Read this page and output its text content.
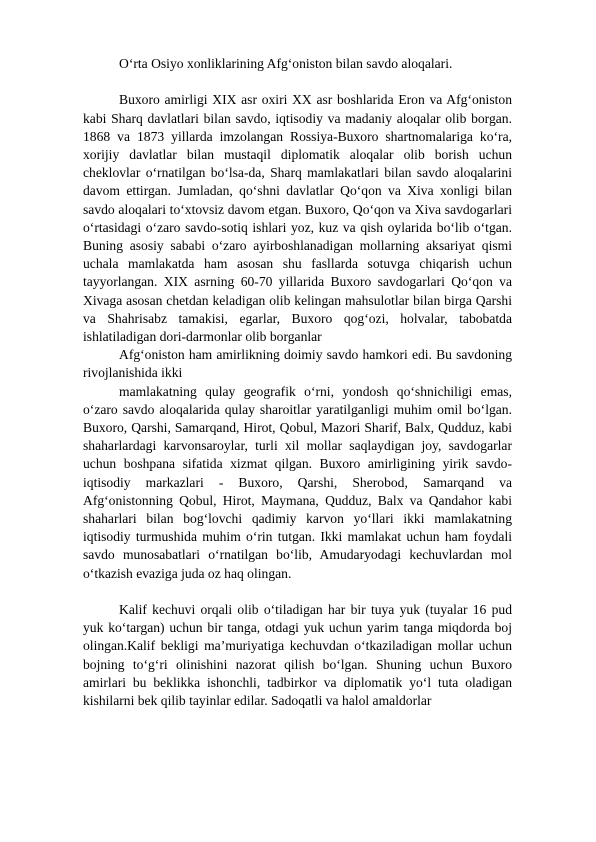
O‘rta Osiyo xonliklarining Afg‘oniston bilan savdo aloqalari.

Buxoro amirligi XIX asr oxiri XX asr boshlarida Eron va Afg‘oniston kabi Sharq davlatlari bilan savdo, iqtisodiy va madaniy aloqalar olib borgan. 1868 va 1873 yillarda imzolangan Rossiya-Buxoro shartnomalariga ko‘ra, xorijiy davlatlar bilan mustaqil diplomatik aloqalar olib borish uchun cheklovlar o‘rnatilgan bo‘lsa-da, Sharq mamlakatlari bilan savdo aloqalarini davom ettirgan. Jumladan, qo‘shni davlatlar Qo‘qon va Xiva xonligi bilan savdo aloqalari to‘xtovsiz davom etgan. Buxoro, Qo‘qon va Xiva savdogarlari o‘rtasidagi o‘zaro savdo-sotiq ishlari yoz, kuz va qish oylarida bo‘lib o‘tgan. Buning asosiy sababi o‘zaro ayirboshlanadigan mollarning aksariyat qismi uchala mamlakatda ham asosan shu fasllarda sotuvga chiqarish uchun tayyorlangan. XIX asrning 60-70 yillarida Buxoro savdogarlari Qo‘qon va Xivaga asosan chetdan keladigan olib kelingan mahsulotlar bilan birga Qarshi va Shahrisabz tamakisi, egarlar, Buxoro qog‘ozi, holvalar, tabobatda ishlatiladigan dori-darmonlar olib borganlar

Afg‘oniston ham amirlikning doimiy savdo hamkori edi. Bu savdoning rivojlanishida ikki

mamlakatning qulay geografik o‘rni, yondosh qo‘shnichiligi emas, o‘zaro savdo aloqalarida qulay sharoitlar yaratilganligi muhim omil bo‘lgan. Buxoro, Qarshi, Samarqand, Hirot, Qobul, Mazori Sharif, Balx, Qudduz, kabi shaharlardagi karvonsaroylar, turli xil mollar saqlaydigan joy, savdogarlar uchun boshpana sifatida xizmat qilgan. Buxoro amirligining yirik savdo- iqtisodiy markazlari - Buxoro, Qarshi, Sherobod, Samarqand va Afg‘onistonning Qobul, Hirot, Maymana, Qudduz, Balx va Qandahor kabi shaharlari bilan bog‘lovchi qadimiy karvon yo‘llari ikki mamlakatning iqtisodiy turmushida muhim o‘rin tutgan. Ikki mamlakat uchun ham foydali savdo munosabatlari o‘rnatilgan bo‘lib, Amudaryodagi kechuvlardan mol o‘tkazish evaziga juda oz haq olingan.

Kalif kechuvi orqali olib o‘tiladigan har bir tuya yuk (tuyalar 16 pud yuk ko‘targan) uchun bir tanga, otdagi yuk uchun yarim tanga miqdorda boj olingan.Kalif bekligi ma’muriyatiga kechuvdan o‘tkaziladigan mollar uchun bojning to‘g‘ri olinishini nazorat qilish bo‘lgan. Shuning uchun Buxoro amirlari bu beklikka ishonchli, tadbirkor va diplomatik yo‘l tuta oladigan kishilarni bek qilib tayinlar edilar. Sadoqatli va halol amaldorlar
